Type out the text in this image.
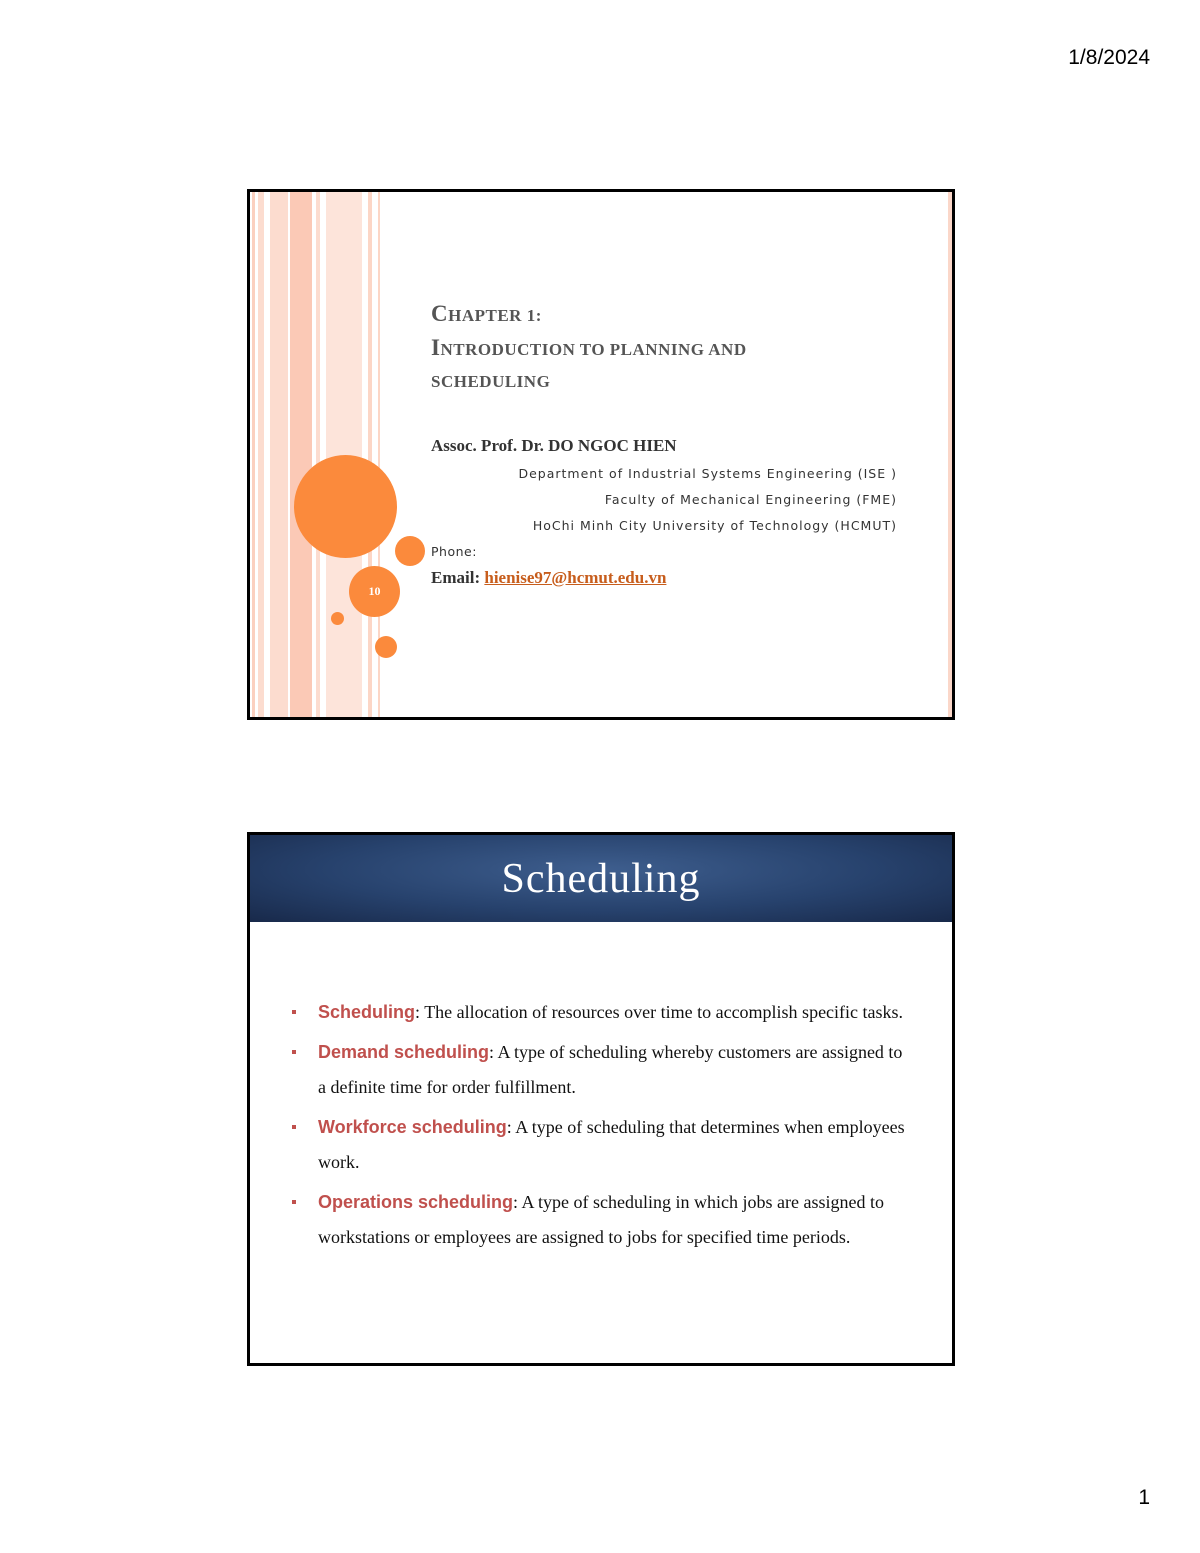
1/8/2024
10
CHAPTER 1:
INTRODUCTION TO PLANNING AND
SCHEDULING
Assoc. Prof. Dr. DO NGOC HIEN
Department of Industrial Systems Engineering (ISE )
Faculty of Mechanical Engineering (FME)
HoChi Minh City University of Technology (HCMUT)
Phone:
Email: hienise97@hcmut.edu.vn
Scheduling
Scheduling: The allocation of resources over time to accomplish specific tasks.
Demand scheduling: A type of scheduling whereby customers are assigned to a definite time for order fulfillment.
Workforce scheduling: A type of scheduling that determines when employees work.
Operations scheduling: A type of scheduling in which jobs are assigned to workstations or employees are assigned to jobs for specified time periods.
1
